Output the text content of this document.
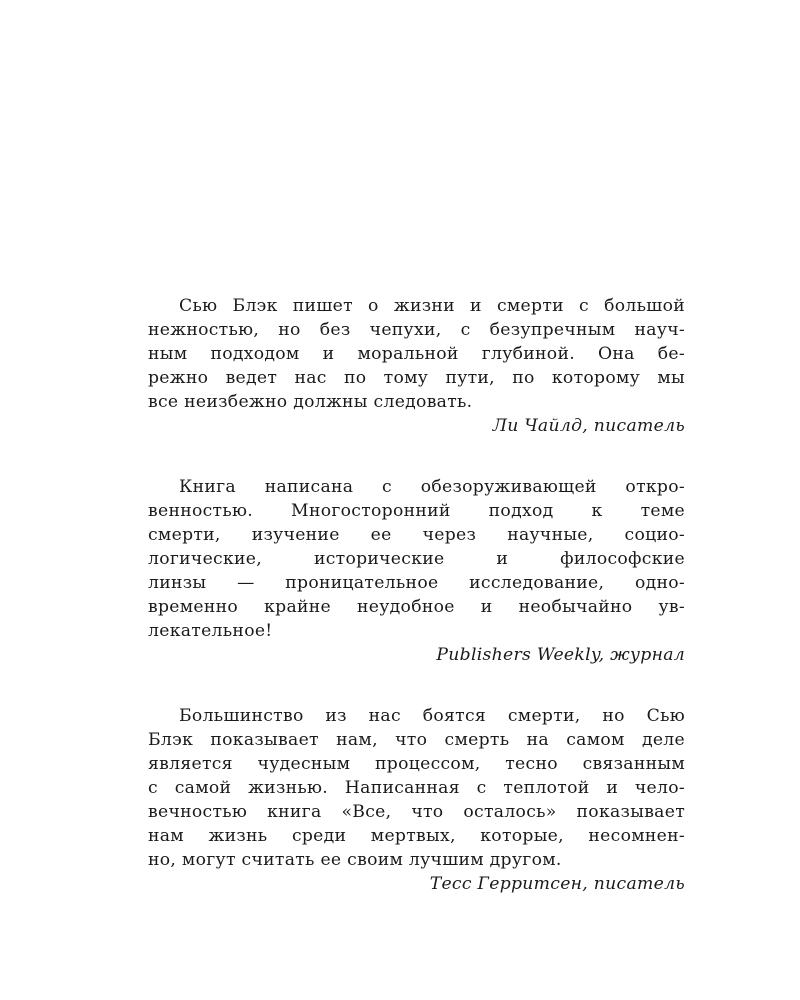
Сью Блэк пишет о жизни и смерти с большой
нежностью, но без чепухи, с безупречным науч-
ным подходом и моральной глубиной. Она бе-
режно ведет нас по тому пути, по которому мы
все неизбежно должны следовать.
Ли Чайлд, писатель
Книга написана с обезоруживающей откро-
венностью. Многосторонний подход к теме
смерти, изучение ее через научные, социо-
логические, исторические и философские
линзы — проницательное исследование, одно-
временно крайне неудобное и необычайно ув-
лекательное!
Publishers Weekly, журнал
Большинство из нас боятся смерти, но Сью
Блэк показывает нам, что смерть на самом деле
является чудесным процессом, тесно связанным
с самой жизнью. Написанная с теплотой и чело-
вечностью книга «Все, что осталось» показывает
нам жизнь среди мертвых, которые, несомнен-
но, могут считать ее своим лучшим другом.
Тесс Герритсен, писатель
